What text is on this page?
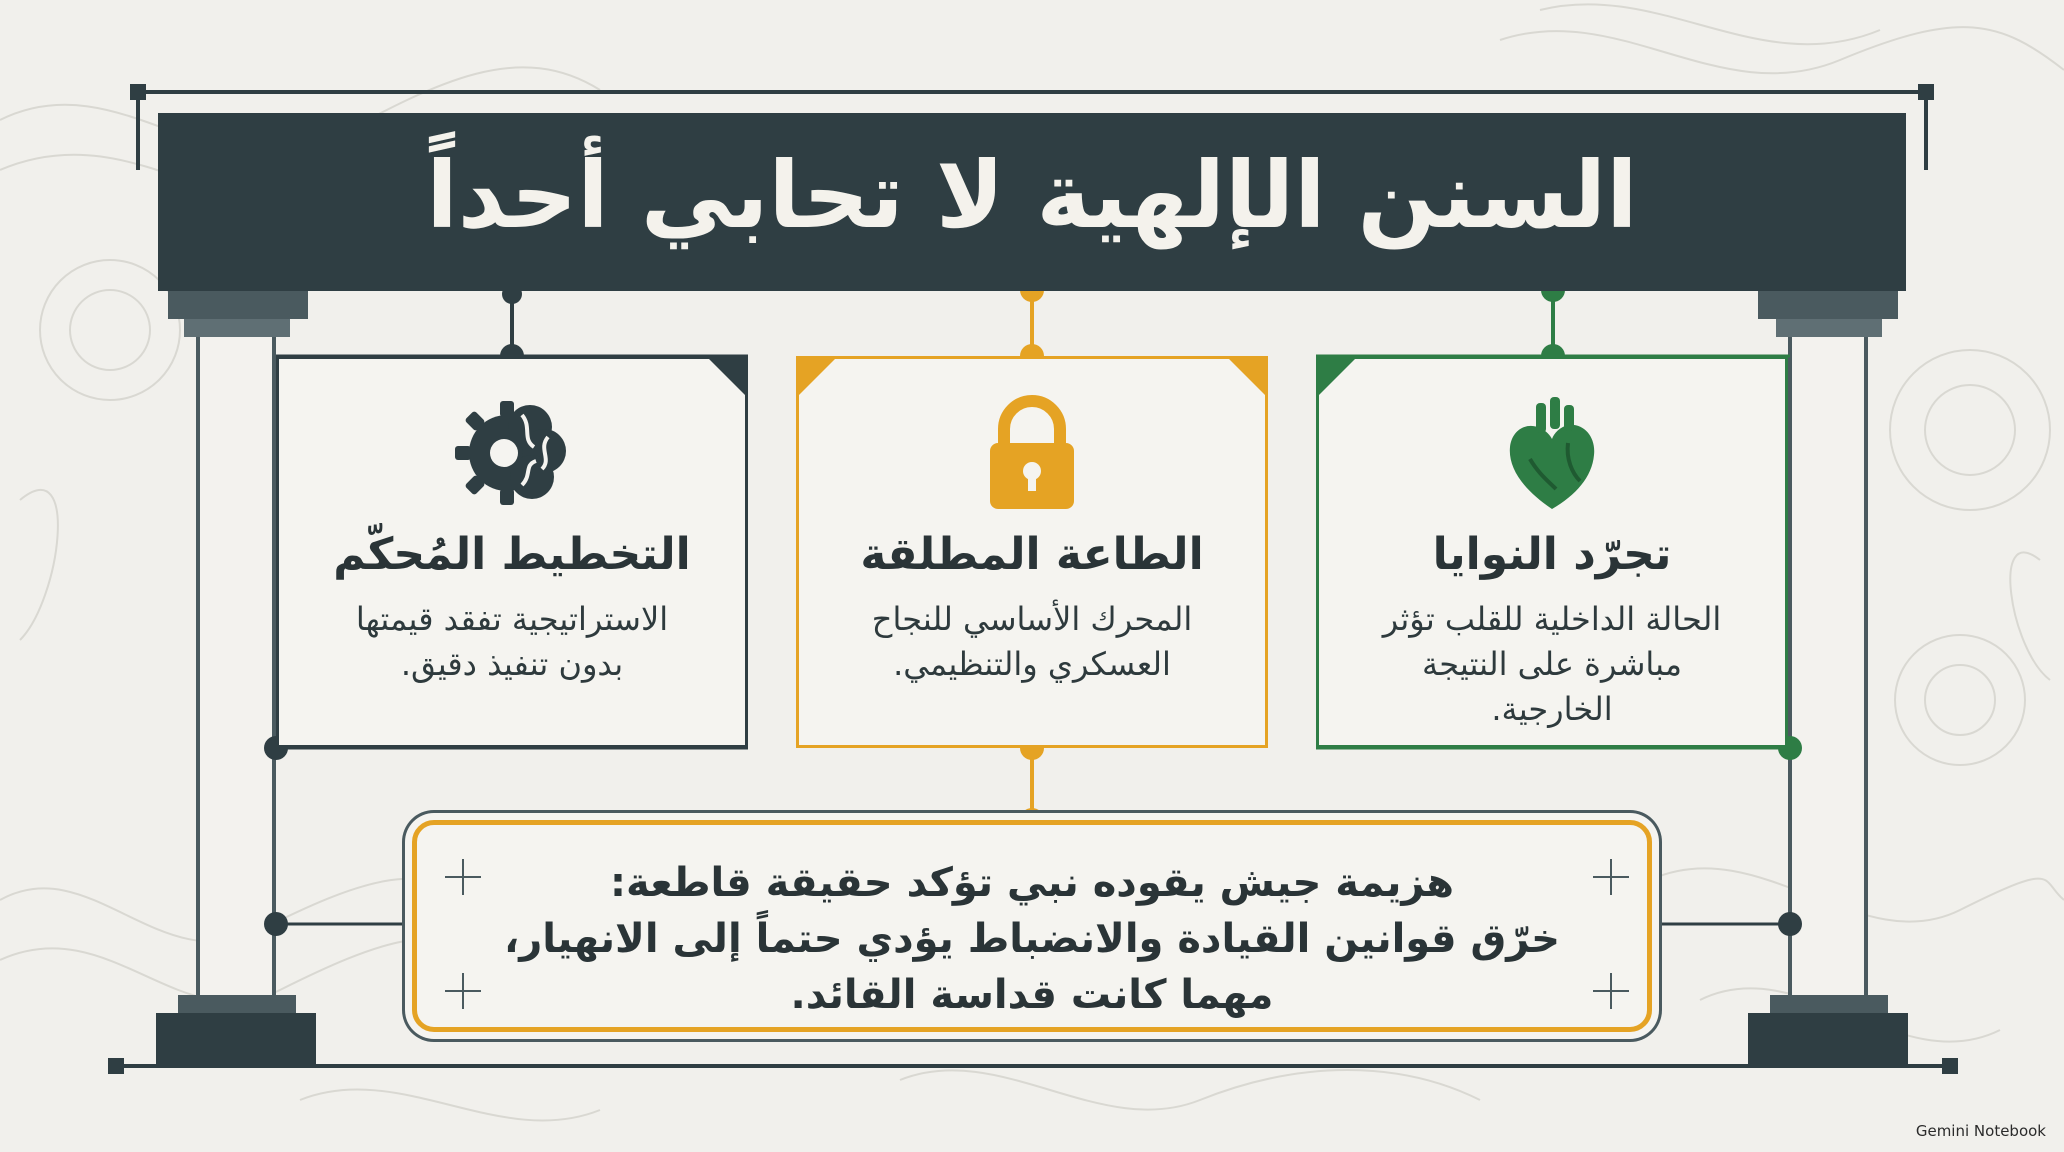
السنن الإلهية لا تحابي أحداً
التخطيط المُحكّم
الاستراتيجية تفقد قيمتها بدون تنفيذ دقيق.
الطاعة المطلقة
المحرك الأساسي للنجاح العسكري والتنظيمي.
تجرّد النوايا
الحالة الداخلية للقلب تؤثر مباشرة على النتيجة الخارجية.
هزيمة جيش يقوده نبي تؤكد حقيقة قاطعة:
خرّق قوانين القيادة والانضباط يؤدي حتماً إلى الانهيار،
مهما كانت قداسة القائد.
Gemini Notebook
